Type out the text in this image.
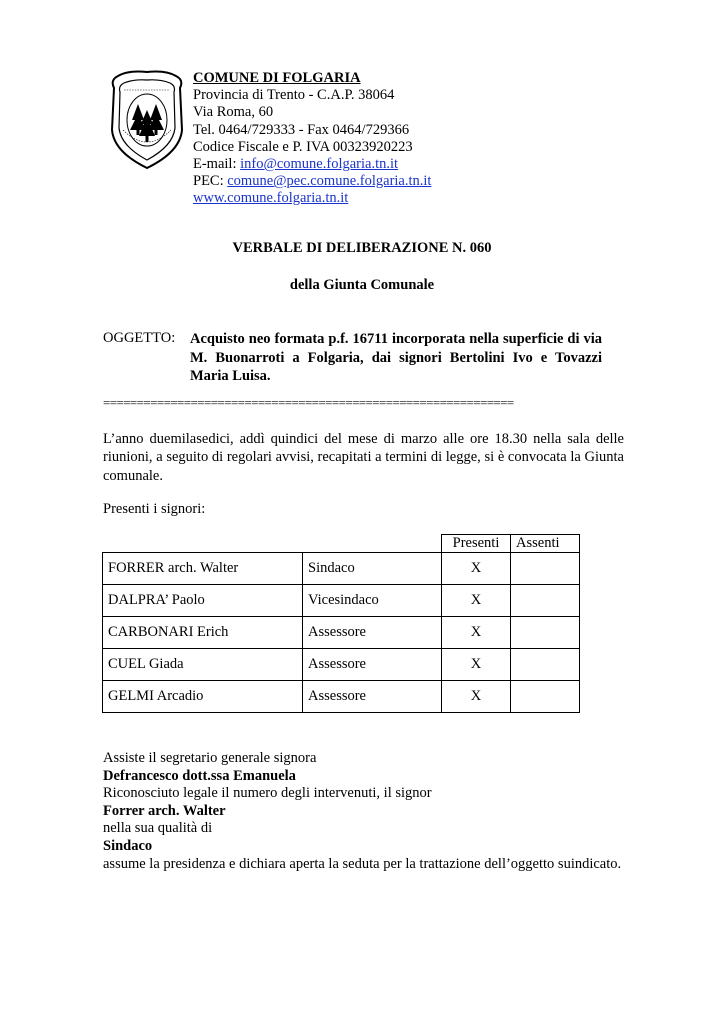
COMUNE DI FOLGARIA
Provincia di Trento - C.A.P. 38064
Via Roma, 60
Tel. 0464/729333 - Fax 0464/729366
Codice Fiscale e P. IVA 00323920223
E-mail: info@comune.folgaria.tn.it
PEC: comune@pec.comune.folgaria.tn.it
www.comune.folgaria.tn.it
VERBALE DI DELIBERAZIONE N. 060
della Giunta Comunale
OGGETTO: Acquisto neo formata p.f. 16711 incorporata nella superficie di via M. Buonarroti a Folgaria, dai signori Bertolini Ivo e Tovazzi Maria Luisa.
=============================================================
L’anno duemilasedici, addì quindici del mese di marzo alle ore 18.30 nella sala delle riunioni, a seguito di regolari avvisi, recapitati a termini di legge, si è convocata la Giunta comunale.
Presenti i signori:
		Presenti	Assenti
FORRER arch. Walter	Sindaco	X	
DALPRA’ Paolo	Vicesindaco	X	
CARBONARI Erich	Assessore	X	
CUEL Giada	Assessore	X	
GELMI Arcadio	Assessore	X	
Assiste il segretario generale signora
Defrancesco dott.ssa Emanuela
Riconosciuto legale il numero degli intervenuti, il signor
Forrer arch. Walter
nella sua qualità di
Sindaco
assume la presidenza e dichiara aperta la seduta per la trattazione dell’oggetto suindicato.
